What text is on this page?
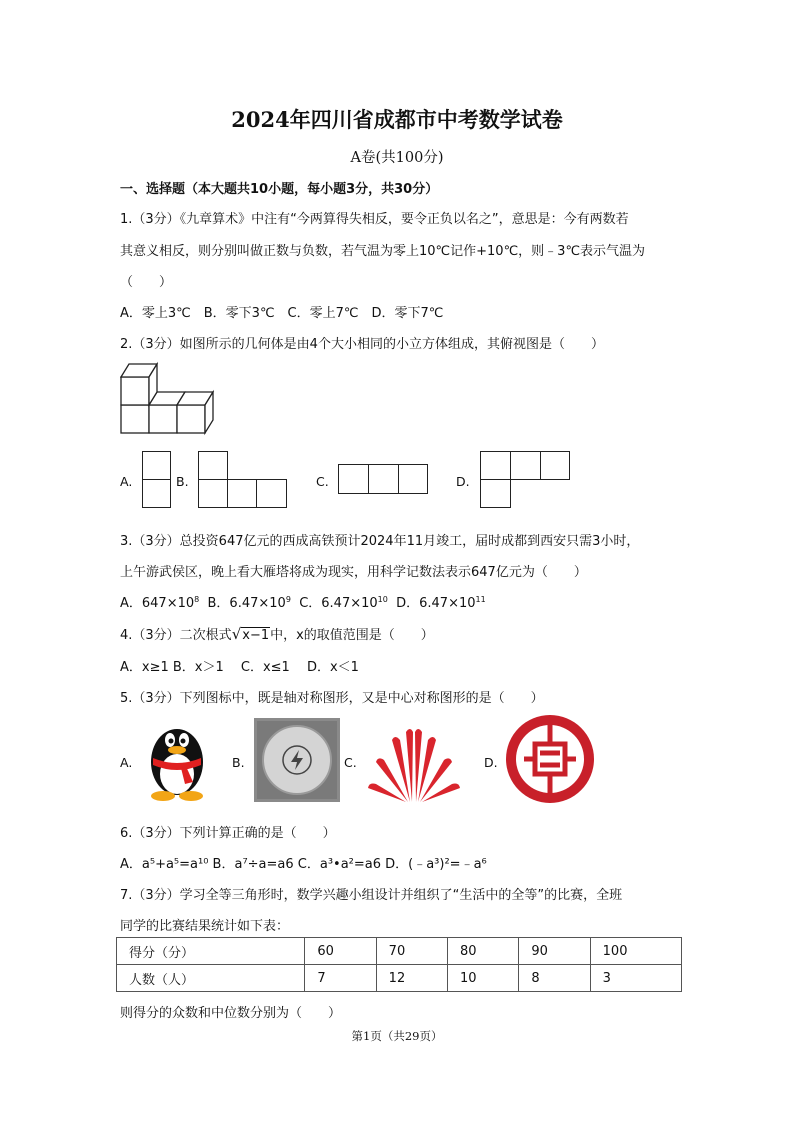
2024年四川省成都市中考数学试卷
A卷(共100分)
一、选择题（本大题共10小题，每小题3分，共30分）
1.（3分）《九章算术》中注有“今两算得失相反，要令正负以名之”，意思是：今有两数若
其意义相反，则分别叫做正数与负数，若气温为零上10℃记作+10℃，则﹣3℃表示气温为
（　　）
A．零上3℃　B．零下3℃　C．零上7℃　D．零下7℃
2.（3分）如图所示的几何体是由4个大小相同的小立方体组成，其俯视图是（　　）
A.	B.	C.	D.
3.（3分）总投资647亿元的西成高铁预计2024年11月竣工，届时成都到西安只需3小时，
上午游武侯区，晚上看大雁塔将成为现实，用科学记数法表示647亿元为（　　）
A．$647\times 10^8$ B．$6.47\times 10^9$ C．$6.47\times 10^{10}$ D．$6.47\times 10^{11}$
4.（3分）二次根式√x−1中，x的取值范围是（　　）
A．x≥1 B．x＞1　 C．x≤1　 D．x＜1
5.（3分）下列图标中，既是轴对称图形，又是中心对称图形的是（　　）
A.	B.	C.	D.
6.（3分）下列计算正确的是（　　）
A．a⁵+a⁵=a¹⁰ B．a⁷÷a=a6 C．a³•a²=a6 D．(﹣a³)²=﹣a⁶
7.（3分）学习全等三角形时，数学兴趣小组设计并组织了“生活中的全等”的比赛，全班
同学的比赛结果统计如下表：
得分（分）	60	70	80	90	100
人数（人）	7	12	10	8	3
则得分的众数和中位数分别为（　　）
第1页（共29页）
